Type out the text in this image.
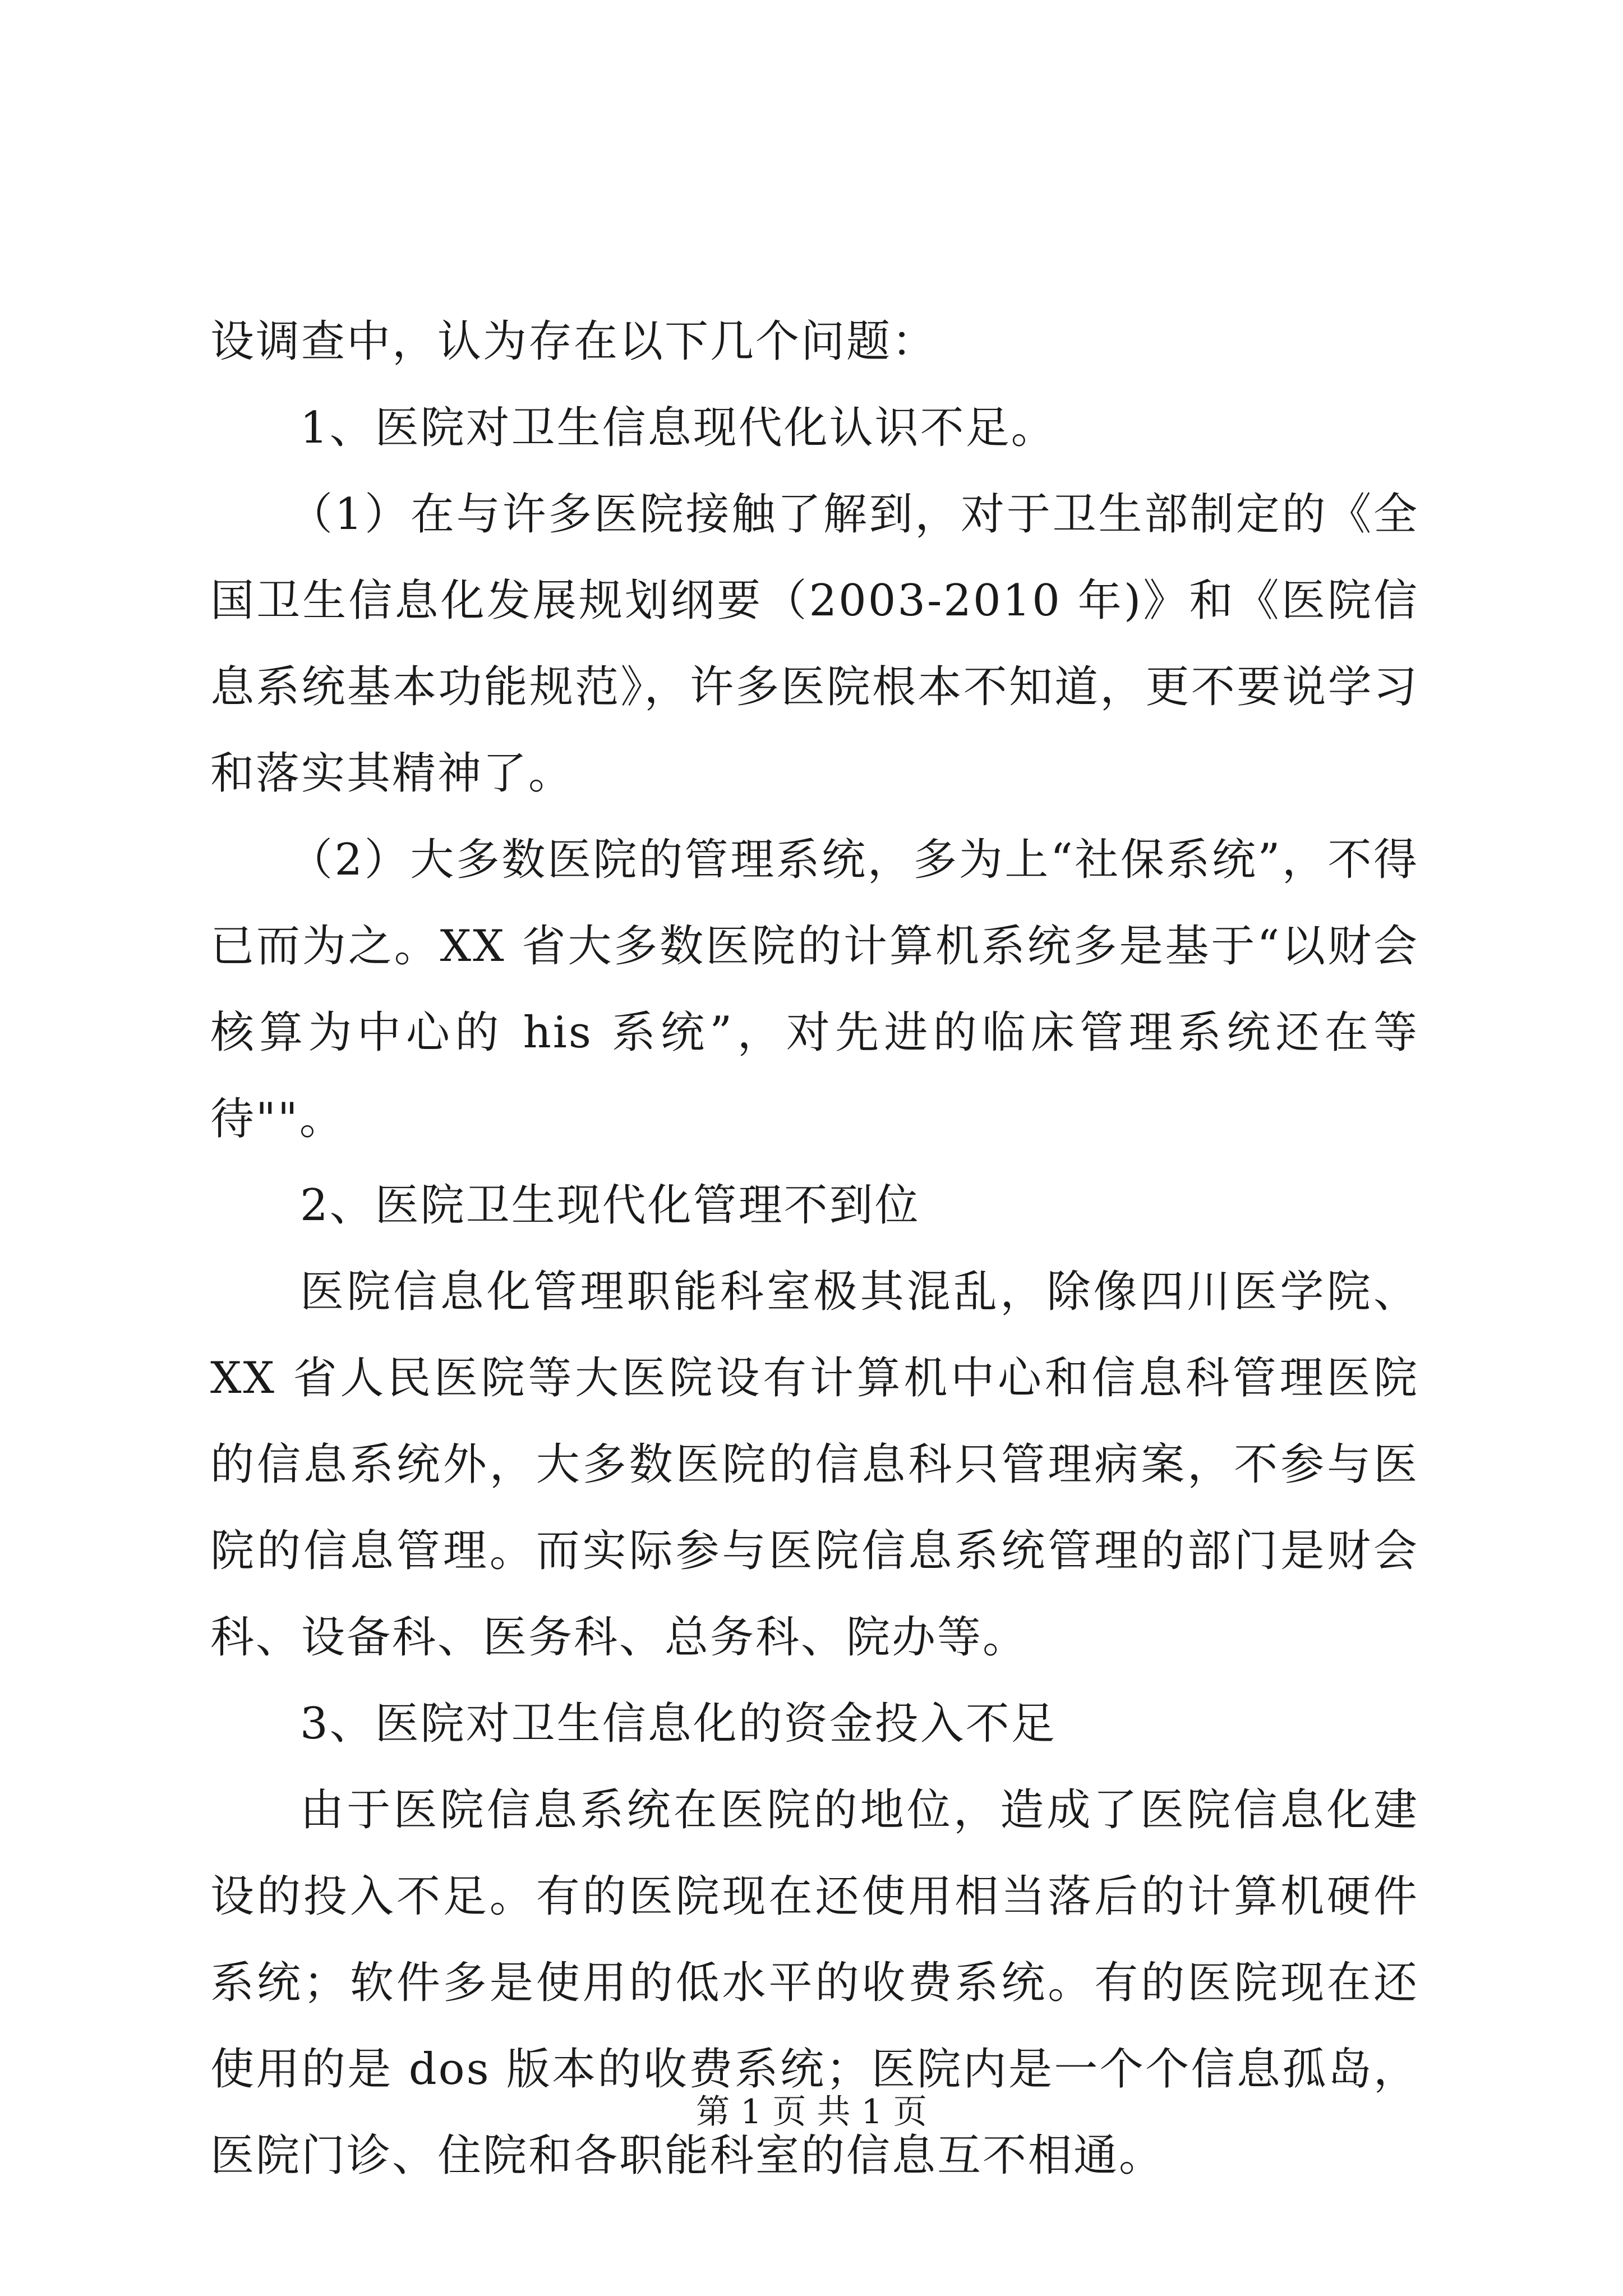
设调查中，认为存在以下几个问题：

1、医院对卫生信息现代化认识不足。

（1）在与许多医院接触了解到，对于卫生部制定的《全国卫生信息化发展规划纲要（2003-2010 年)》和《医院信息系统基本功能规范》，许多医院根本不知道，更不要说学习和落实其精神了。

（2）大多数医院的管理系统，多为上“社保系统”，不得已而为之。XX 省大多数医院的计算机系统多是基于“以财会核算为中心的 his 系统”，对先进的临床管理系统还在等待""。

2、医院卫生现代化管理不到位

医院信息化管理职能科室极其混乱，除像四川医学院、XX 省人民医院等大医院设有计算机中心和信息科管理医院的信息系统外，大多数医院的信息科只管理病案，不参与医院的信息管理。而实际参与医院信息系统管理的部门是财会科、设备科、医务科、总务科、院办等。

3、医院对卫生信息化的资金投入不足

由于医院信息系统在医院的地位，造成了医院信息化建设的投入不足。有的医院现在还使用相当落后的计算机硬件系统；软件多是使用的低水平的收费系统。有的医院现在还使用的是 dos 版本的收费系统；医院内是一个个信息孤岛，医院门诊、住院和各职能科室的信息互不相通。

第 1 页 共 1 页
